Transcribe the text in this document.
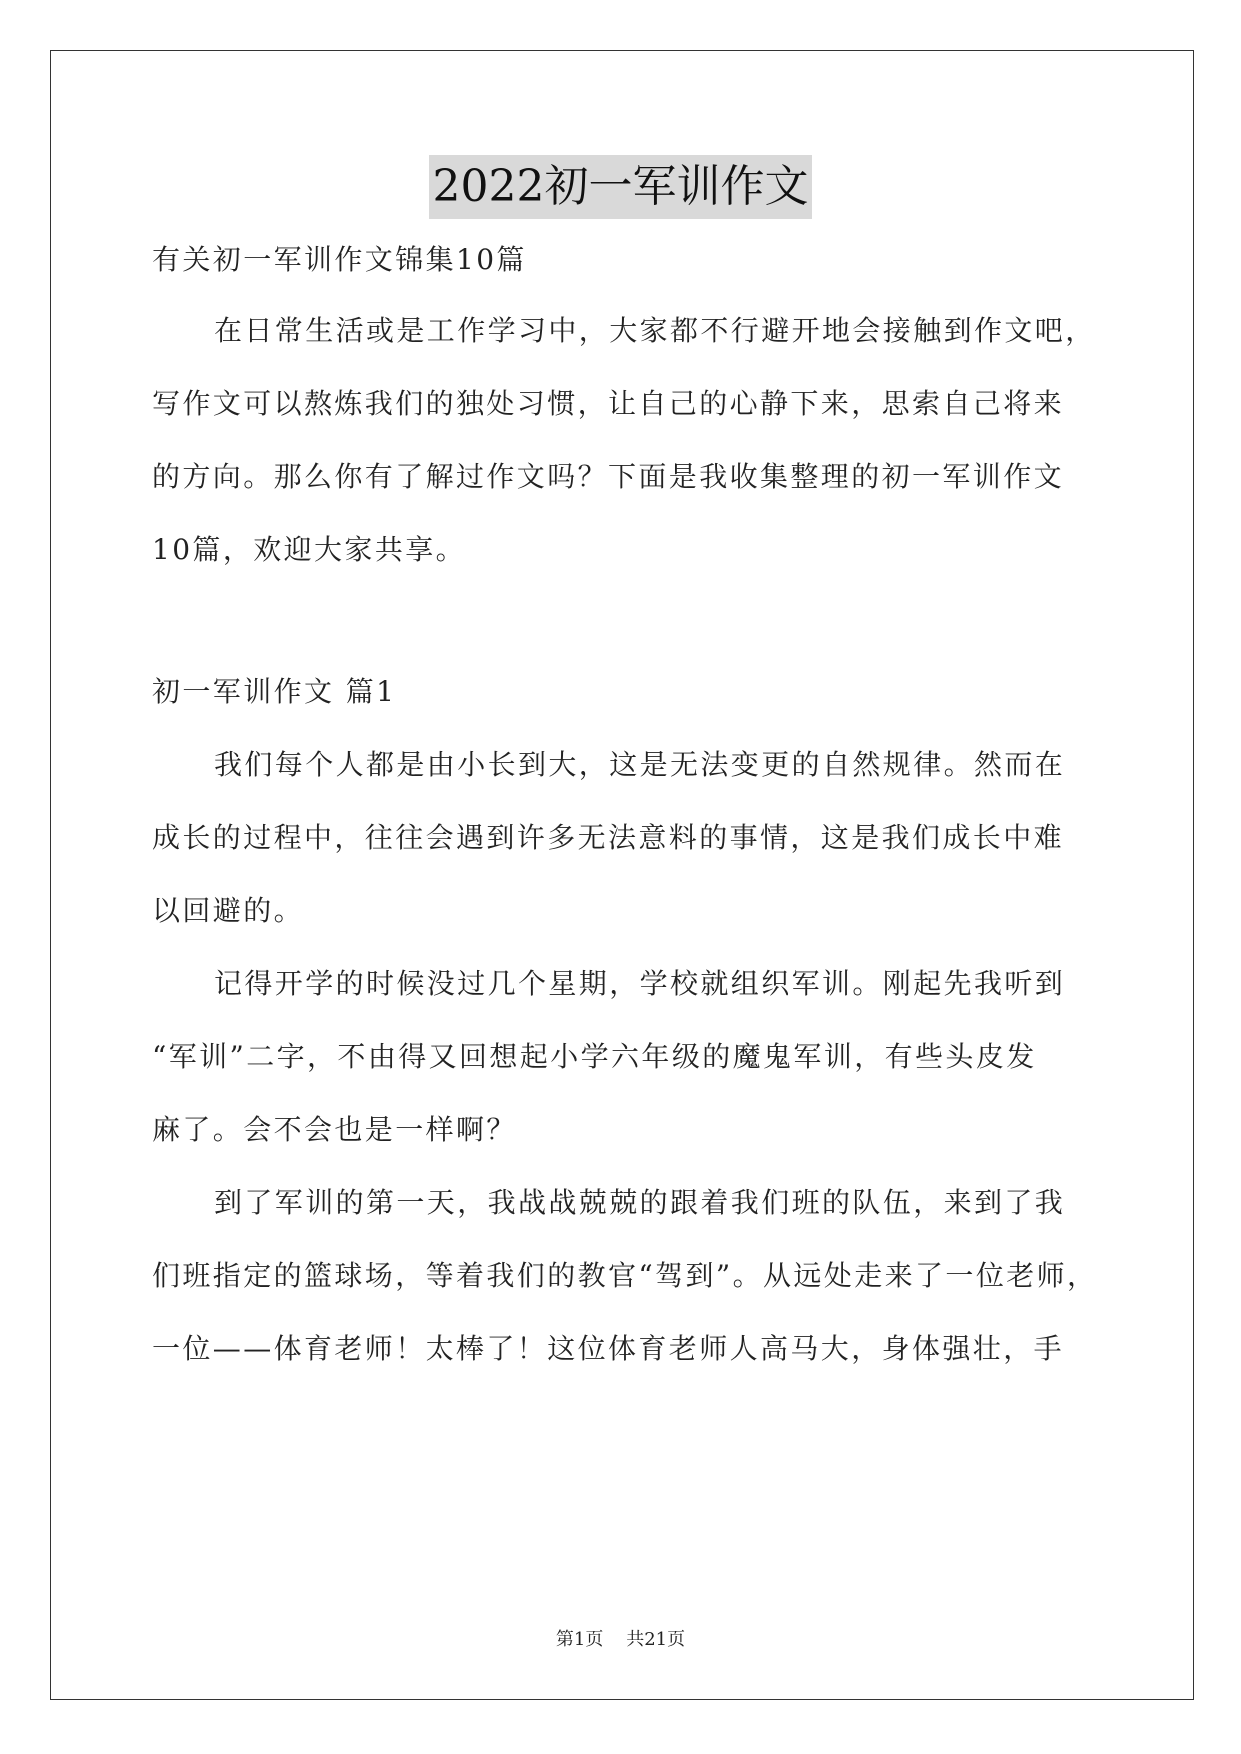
2022初一军训作文
有关初一军训作文锦集10篇
在日常生活或是工作学习中，大家都不行避开地会接触到作文吧，
写作文可以熬炼我们的独处习惯，让自己的心静下来，思索自己将来
的方向。那么你有了解过作文吗？下面是我收集整理的初一军训作文
10篇，欢迎大家共享。
初一军训作文 篇1
我们每个人都是由小长到大，这是无法变更的自然规律。然而在
成长的过程中，往往会遇到许多无法意料的事情，这是我们成长中难
以回避的。
记得开学的时候没过几个星期，学校就组织军训。刚起先我听到
“军训”二字，不由得又回想起小学六年级的魔鬼军训，有些头皮发
麻了。会不会也是一样啊？
到了军训的第一天，我战战兢兢的跟着我们班的队伍，来到了我
们班指定的篮球场，等着我们的教官“驾到”。从远处走来了一位老师，
一位——体育老师！太棒了！这位体育老师人高马大，身体强壮，手
第1页 共21页
